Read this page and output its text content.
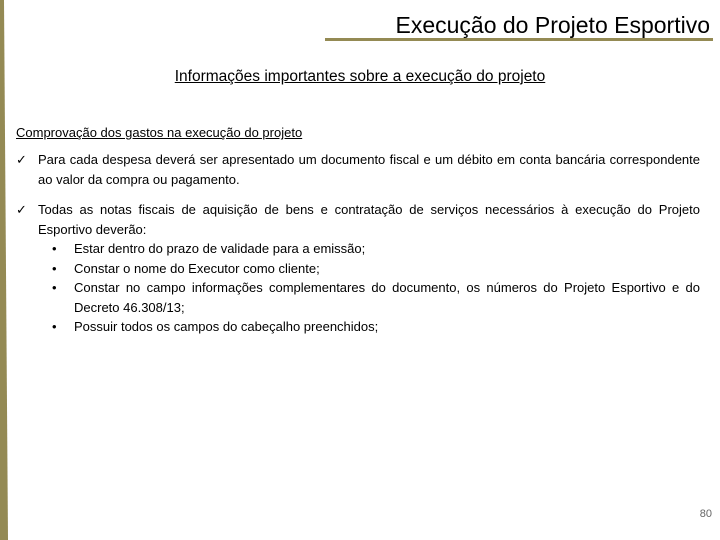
Execução do Projeto Esportivo
Informações importantes sobre a execução do projeto
Comprovação dos gastos na execução do projeto
✓ Para cada despesa deverá ser apresentado um documento fiscal e um débito em conta bancária correspondente ao valor da compra ou pagamento.
✓ Todas as notas fiscais de aquisição de bens e contratação de serviços necessários à execução do Projeto Esportivo deverão:
• Estar dentro do prazo de validade para a emissão;
• Constar o nome do Executor como cliente;
• Constar no campo informações complementares do documento, os números do Projeto Esportivo e do Decreto 46.308/13;
• Possuir todos os campos do cabeçalho preenchidos;
80
